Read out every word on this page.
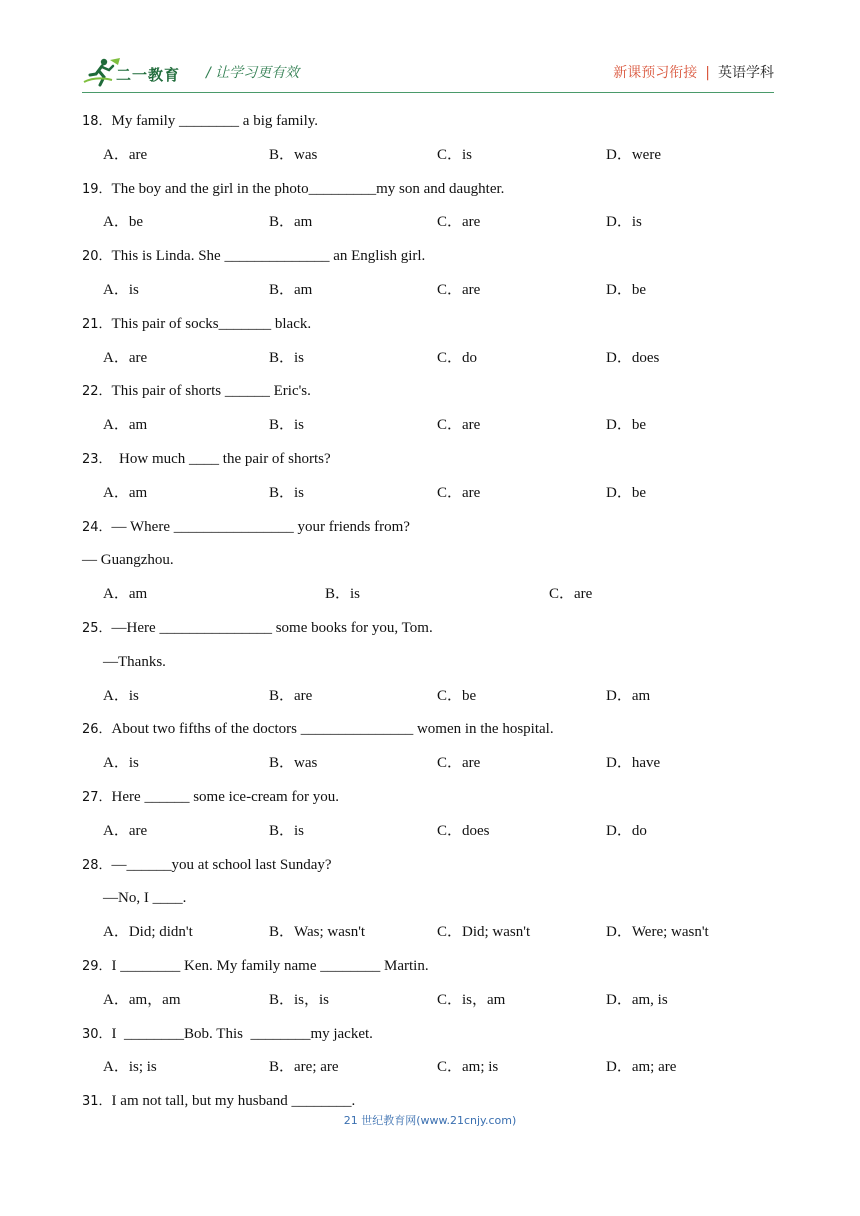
二一教育 / 让学习更有效	新课预习衔接 | 英语学科
18．My family ________ a big family.
A．are	B．was	C．is	D．were
19．The boy and the girl in the photo_________my son and daughter.
A．be	B．am	C．are	D．is
20．This is Linda. She ______________ an English girl.
A．is	B．am	C．are	D．be
21．This pair of socks_______ black.
A．are	B．is	C．do	D．does
22．This pair of shorts ______ Eric's.
A．am	B．is	C．are	D．be
23．  How much ____ the pair of shorts?
A．am	B．is	C．are	D．be
24．— Where ________________ your friends from?
— Guangzhou.
A．am	B．is	C．are
25．—Here _______________ some books for you, Tom.
—Thanks.
A．is	B．are	C．be	D．am
26．About two fifths of the doctors _______________ women in the hospital.
A．is	B．was	C．are	D．have
27．Here ______ some ice-cream for you.
A．are	B．is	C．does	D．do
28．—______you at school last Sunday?
—No, I ____.
A．Did; didn't	B．Was; wasn't	C．Did; wasn't	D．Were; wasn't
29．I ________ Ken. My family name ________ Martin.
A．am，am	B．is，is	C．is，am	D．am, is
30．I  ________Bob. This  ________my jacket.
A．is; is	B．are; are	C．am; is	D．am; are
31．I am not tall, but my husband ________.
21 世纪教育网(www.21cnjy.com)
